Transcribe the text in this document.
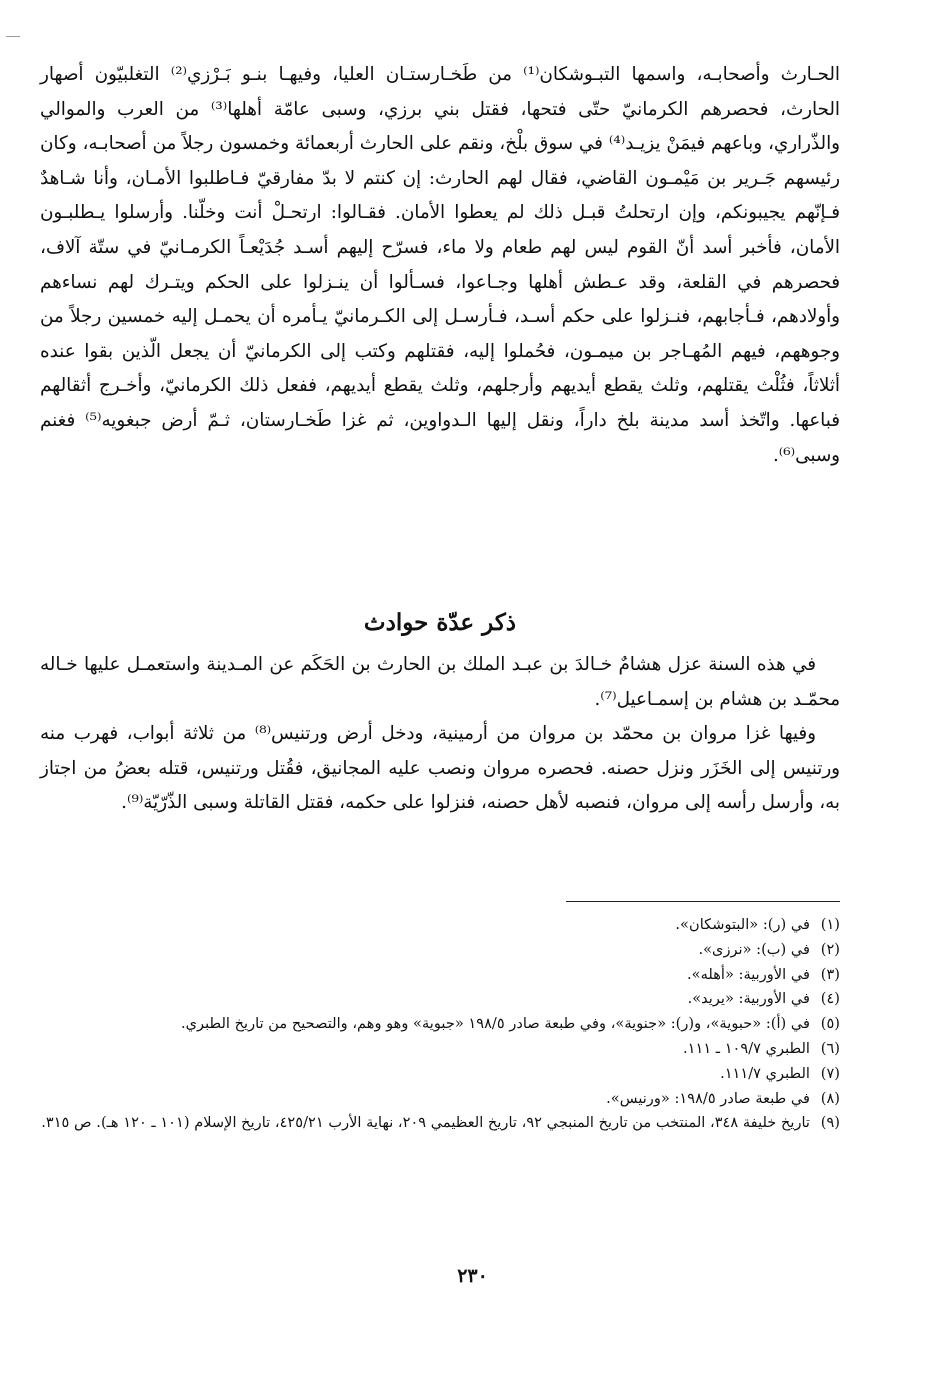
الحـارث وأصحابـه، واسمها التبـوشكان⁽¹⁾ من طَخـارستـان العليا، وفيهـا بنـو بَـرْزي⁽²⁾ التغلبيّون أصهار الحارث، فحصرهم الكرمانيّ حتّى فتحها، فقتل بني برزي، وسبى عامّة أهلها⁽³⁾ من العرب والموالي والذّراري، وباعهم فيمَنْ يزيـد⁽⁴⁾ في سوق بلْخ، ونقم على الحارث أربعمائة وخمسون رجلاً من أصحابـه، وكان رئيسهم جَـرير بن مَيْمـون القاضي، فقال لهم الحارث: إن كنتم لا بدّ مفارقيّ فـاطلبوا الأمـان، وأنا شـاهدٌ فـإنّهم يجيبونكم، وإن ارتحلتُ قبـل ذلك لم يعطوا الأمان. فقـالوا: ارتحـلْ أنت وخلّنا. وأرسلوا يـطلبـون الأمان، فأخبر أسد أنّ القوم ليس لهم طعام ولا ماء، فسرّح إليهم أسـد جُدَيْعـاً الكرمـانيّ في ستّة آلاف، فحصرهم في القلعة، وقد عـطش أهلها وجـاعوا، فسـألوا أن ينـزلوا على الحكم ويتـرك لهم نساءهم وأولادهم، فـأجابهم، فنـزلوا على حكم أسـد، فـأرسـل إلى الكـرمانيّ يـأمره أن يحمـل إليه خمسين رجلاً من وجوههم، فيهم المُهـاجر بن ميمـون، فحُملوا إليه، فقتلهم وكتب إلى الكرمانيّ أن يجعل الّذين بقوا عنده أثلاثاً، فثُلْث يقتلهم، وثلث يقطع أيديهم وأرجلهم، وثلث يقطع أيديهم، ففعل ذلك الكرمانيّ، وأخـرج أثقالهم فباعها. واتّخذ أسد مدينة بلخ داراً، ونقل إليها الـدواوين، ثم غزا طَخـارستان، ثـمّ أرض جبغويه⁽⁵⁾ فغنم وسبى⁽⁶⁾.

ذكر عدّة حوادث

في هذه السنة عزل هشامٌ خـالدَ بن عبـد الملك بن الحارث بن الحَكَم عن المـدينة واستعمـل عليها خـاله محمّـد بن هشام بن إسمـاعيل⁽⁷⁾.

وفيها غزا مروان بن محمّد بن مروان من أرمينية، ودخل أرض ورتنيس⁽⁸⁾ من ثلاثة أبواب، فهرب منه ورتنيس إلى الخَزَر ونزل حصنه. فحصره مروان ونصب عليه المجانيق، فقُتل ورتنيس، قتله بعضُ من اجتاز به، وأرسل رأسه إلى مروان، فنصبه لأهل حصنه، فنزلوا على حكمه، فقتل القاتلة وسبى الذّرّيّة⁽⁹⁾.

(١)
في (ر): «البتوشكان».
(٢)
في (ب): «نرزى».
(٣)
في الأوربية: «أهله».
(٤)
في الأوربية: «يريد».
(٥)
في (أ): «حبوية»، و(ر): «جنوية»، وفي طبعة صادر ١٩٨/٥ «جبوية» وهو وهم، والتصحيح من تاريخ الطبري.
(٦)
الطبري ١٠٩/٧ ـ ١١١.
(٧)
الطبري ١١١/٧.
(٨)
في طبعة صادر ١٩٨/٥: «ورنيس».
(٩)
تاريخ خليفة ٣٤٨، المنتخب من تاريخ المنبجي ٩٢، تاريخ العظيمي ٢٠٩، نهاية الأرب ٤٢٥/٢١، تاريخ الإسلام (١٠١ ـ ١٢٠ هـ). ص ٣١٥.
٢٣٠
